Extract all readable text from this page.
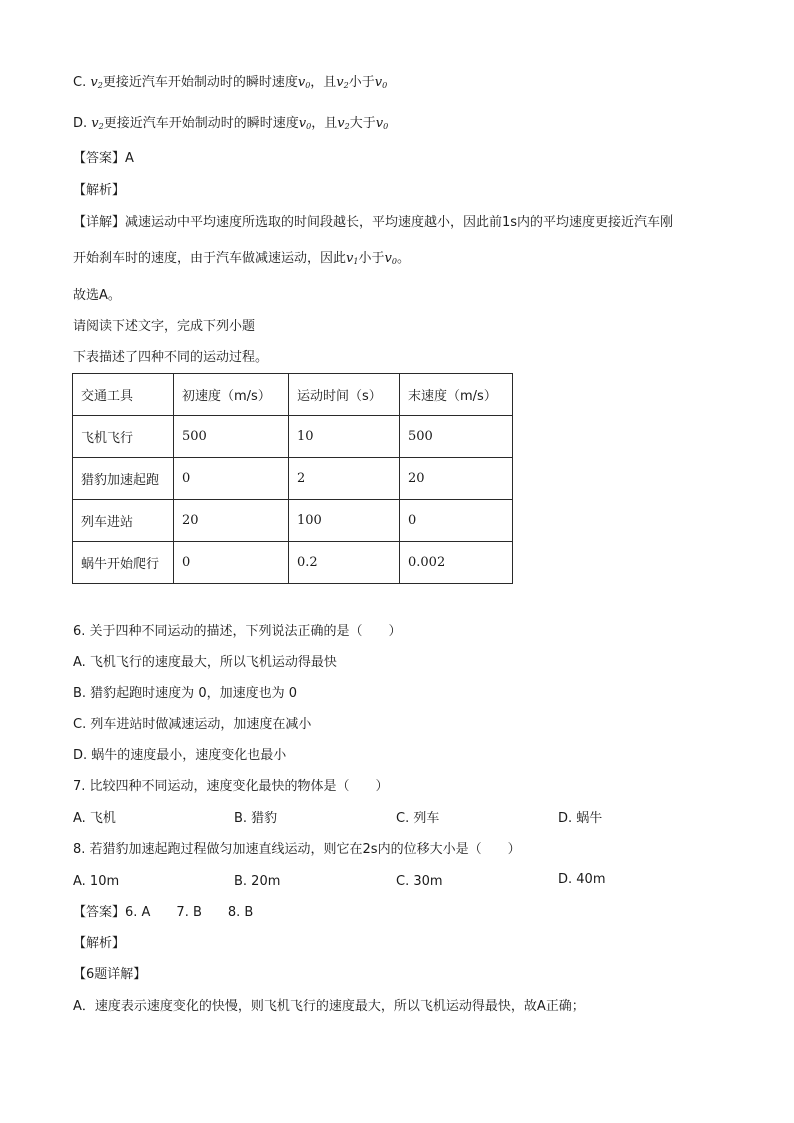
C. $v_2$更接近汽车开始制动时的瞬时速度$v_0$，且$v_2$小于$v_0$
D. $v_2$更接近汽车开始制动时的瞬时速度$v_0$，且$v_2$大于$v_0$
【答案】A
【解析】
【详解】减速运动中平均速度所选取的时间段越长，平均速度越小，因此前1s内的平均速度更接近汽车刚
开始刹车时的速度，由于汽车做减速运动，因此$v_1$小于$v_0$。
故选A。
请阅读下述文字，完成下列小题
下表描述了四种不同的运动过程。
交通工具	初速度（m/s）	运动时间（s）	末速度（m/s）
飞机飞行	500	10	500
猎豹加速起跑	0	2	20
列车进站	20	100	0
蜗牛开始爬行	0	0.2	0.002
6. 关于四种不同运动的描述，下列说法正确的是（　　）
A. 飞机飞行的速度最大，所以飞机运动得最快
B. 猎豹起跑时速度为 0，加速度也为 0
C. 列车进站时做减速运动，加速度在减小
D. 蜗牛的速度最小，速度变化也最小
7. 比较四种不同运动，速度变化最快的物体是（　　）
A. 飞机	B. 猎豹	C. 列车	D. 蜗牛
8. 若猎豹加速起跑过程做匀加速直线运动，则它在2s内的位移大小是（　　）
A. 10m	B. 20m	C. 30m	D. 40m
【答案】6. A　　7. B　　8. B
【解析】
【6题详解】
A．速度表示速度变化的快慢，则飞机飞行的速度最大，所以飞机运动得最快，故A正确；
